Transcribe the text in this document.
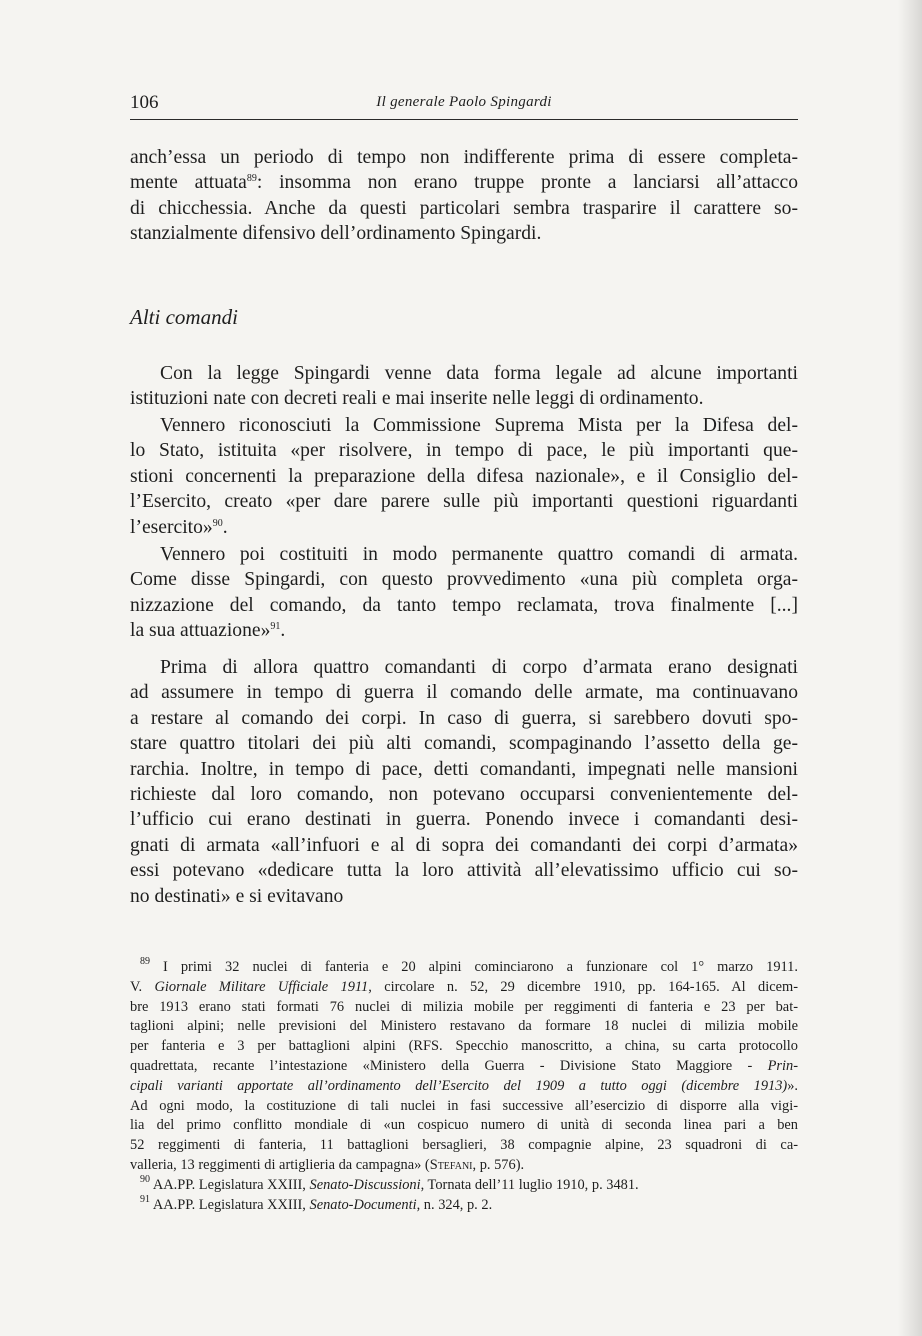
106	Il generale Paolo Spingardi
anch’essa un periodo di tempo non indifferente prima di essere completa-
mente attuata$^{89}$: insomma non erano truppe pronte a lanciarsi all’attacco
di chicchessia. Anche da questi particolari sembra trasparire il carattere so-
stanzialmente difensivo dell’ordinamento Spingardi.
Alti comandi
Con la legge Spingardi venne data forma legale ad alcune importanti
istituzioni nate con decreti reali e mai inserite nelle leggi di ordinamento.
Vennero riconosciuti la Commissione Suprema Mista per la Difesa del-
lo Stato, istituita «per risolvere, in tempo di pace, le più importanti que-
stioni concernenti la preparazione della difesa nazionale», e il Consiglio del-
l’Esercito, creato «per dare parere sulle più importanti questioni riguardanti
l’esercito»$^{90}$.
Vennero poi costituiti in modo permanente quattro comandi di armata.
Come disse Spingardi, con questo provvedimento «una più completa orga-
nizzazione del comando, da tanto tempo reclamata, trova finalmente [...]
la sua attuazione»$^{91}$.
Prima di allora quattro comandanti di corpo d’armata erano designati
ad assumere in tempo di guerra il comando delle armate, ma continuavano
a restare al comando dei corpi. In caso di guerra, si sarebbero dovuti spo-
stare quattro titolari dei più alti comandi, scompaginando l’assetto della ge-
rarchia. Inoltre, in tempo di pace, detti comandanti, impegnati nelle mansioni
richieste dal loro comando, non potevano occuparsi convenientemente del-
l’ufficio cui erano destinati in guerra. Ponendo invece i comandanti desi-
gnati di armata «all’infuori e al di sopra dei comandanti dei corpi d’armata»
essi potevano «dedicare tutta la loro attività all’elevatissimo ufficio cui so-
no destinati» e si evitavano
$^{89}$ I primi 32 nuclei di fanteria e 20 alpini cominciarono a funzionare col 1° marzo 1911.
V. Giornale Militare Ufficiale 1911, circolare n. 52, 29 dicembre 1910, pp. 164-165. Al dicem-
bre 1913 erano stati formati 76 nuclei di milizia mobile per reggimenti di fanteria e 23 per bat-
taglioni alpini; nelle previsioni del Ministero restavano da formare 18 nuclei di milizia mobile
per fanteria e 3 per battaglioni alpini (RFS. Specchio manoscritto, a china, su carta protocollo
quadrettata, recante l’intestazione «Ministero della Guerra - Divisione Stato Maggiore - Prin-
cipali varianti apportate all’ordinamento dell’Esercito del 1909 a tutto oggi (dicembre 1913)».
Ad ogni modo, la costituzione di tali nuclei in fasi successive all’esercizio di disporre alla vigi-
lia del primo conflitto mondiale di «un cospicuo numero di unità di seconda linea pari a ben
52 reggimenti di fanteria, 11 battaglioni bersaglieri, 38 compagnie alpine, 23 squadroni di ca-
valleria, 13 reggimenti di artiglieria da campagna» (Stefani, p. 576).
$^{90}$ AA.PP. Legislatura XXIII, Senato-Discussioni, Tornata dell’11 luglio 1910, p. 3481.
$^{91}$ AA.PP. Legislatura XXIII, Senato-Documenti, n. 324, p. 2.
